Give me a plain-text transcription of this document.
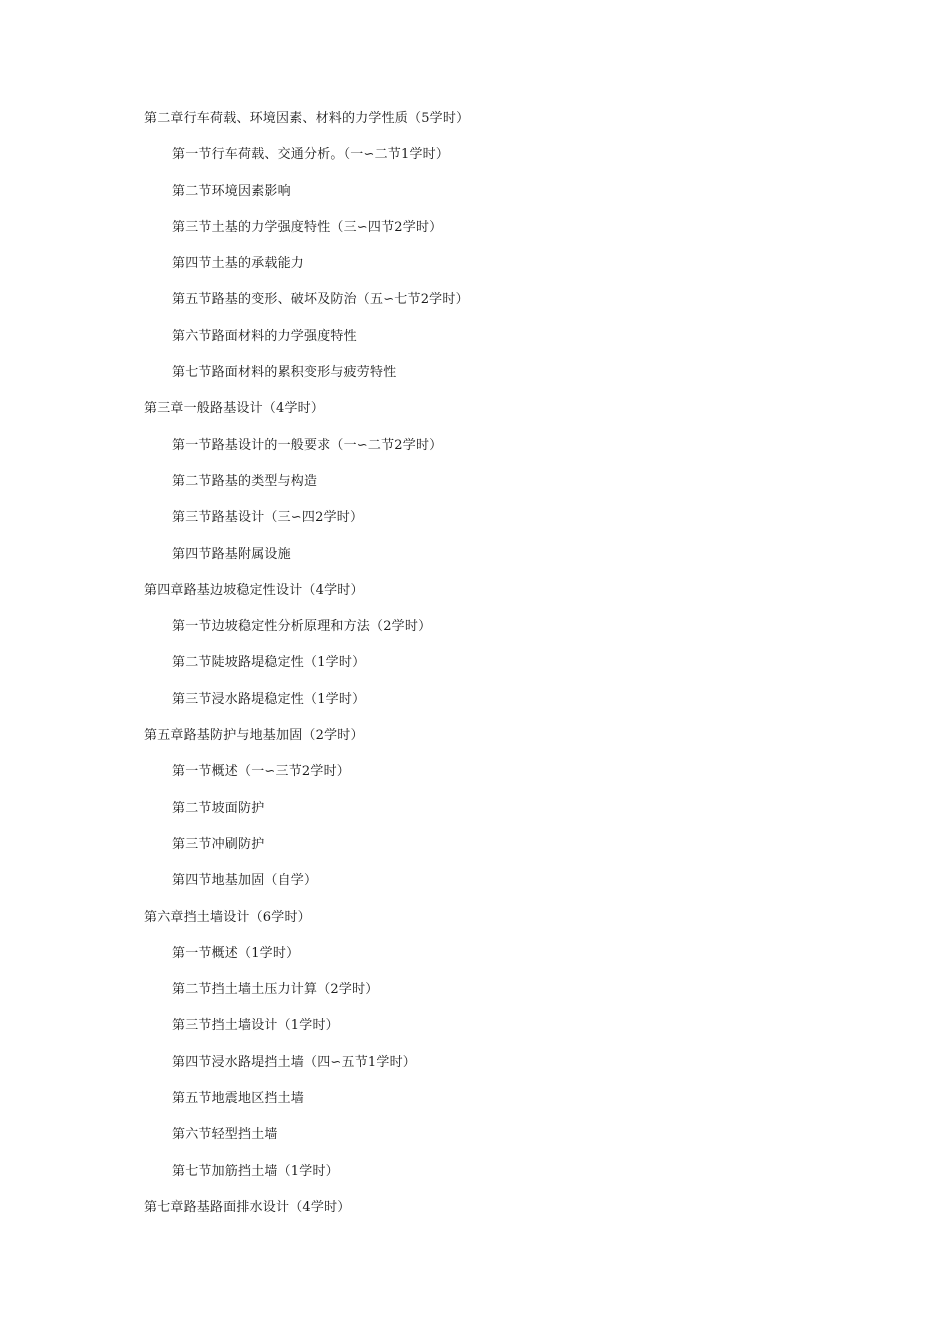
第二章行车荷载、环境因素、材料的力学性质（5学时）
第一节行车荷载、交通分析。（一∽二节1学时）
第二节环境因素影响
第三节土基的力学强度特性（三∽四节2学时）
第四节土基的承载能力
第五节路基的变形、破坏及防治（五∽七节2学时）
第六节路面材料的力学强度特性
第七节路面材料的累积变形与疲劳特性
第三章一般路基设计（4学时）
第一节路基设计的一般要求（一∽二节2学时）
第二节路基的类型与构造
第三节路基设计（三∽四2学时）
第四节路基附属设施
第四章路基边坡稳定性设计（4学时）
第一节边坡稳定性分析原理和方法（2学时）
第二节陡坡路堤稳定性（1学时）
第三节浸水路堤稳定性（1学时）
第五章路基防护与地基加固（2学时）
第一节概述（一∽三节2学时）
第二节坡面防护
第三节冲刷防护
第四节地基加固（自学）
第六章挡土墙设计（6学时）
第一节概述（1学时）
第二节挡土墙土压力计算（2学时）
第三节挡土墙设计（1学时）
第四节浸水路堤挡土墙（四∽五节1学时）
第五节地震地区挡土墙
第六节轻型挡土墙
第七节加筋挡土墙（1学时）
第七章路基路面排水设计（4学时）
